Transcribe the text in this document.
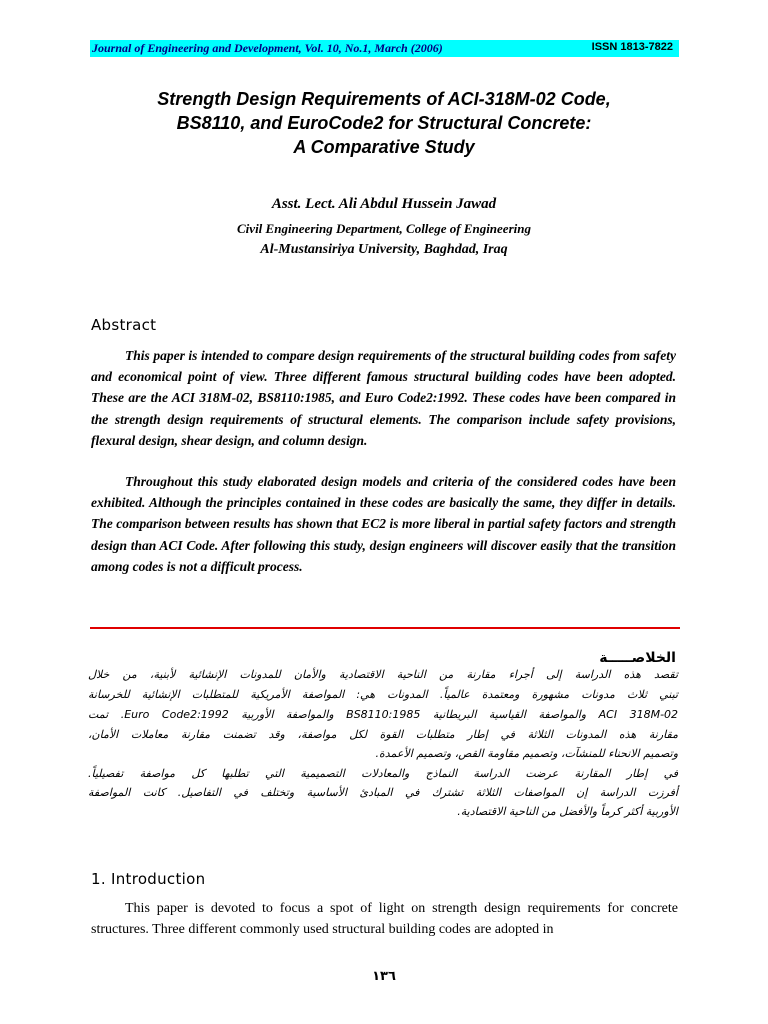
Journal of Engineering and Development, Vol. 10, No.1, March (2006)	ISSN 1813-7822
Strength Design Requirements of ACI-318M-02 Code,
BS8110, and EuroCode2 for Structural Concrete:
A Comparative Study
Asst. Lect. Ali Abdul Hussein Jawad
Civil Engineering Department, College of Engineering
Al-Mustansiriya University, Baghdad, Iraq
Abstract
This paper is intended to compare design requirements of the structural building codes from safety and economical point of view. Three different famous structural building codes have been adopted. These are the ACI 318M-02, BS8110:1985, and Euro Code2:1992. These codes have been compared in the strength design requirements of structural elements. The comparison include safety provisions, flexural design, shear design, and column design.
Throughout this study elaborated design models and criteria of the considered codes have been exhibited. Although the principles contained in these codes are basically the same, they differ in details. The comparison between results has shown that EC2 is more liberal in partial safety factors and strength design than ACI Code. After following this study, design engineers will discover easily that the transition among codes is not a difficult process.
الخلاصـــــة
تقصد هذه الدراسة إلى أجراء مقارنة من الناحية الاقتصادية والأمان للمدونات الإنشائية لأبنية، من خلال
تبني ثلاث مدونات مشهورة ومعتمدة عالمياً. المدونات هي: المواصفة الأمريكية للمتطلبات الإنشائية للخرسانة
ACI 318M-02 والمواصفة القياسية البريطانية BS8110:1985 والمواصفة الأوربية Euro Code2:1992. تمت
مقارنة هذه المدونات الثلاثة في إطار متطلبات القوة لكل مواصفة، وقد تضمنت مقارنة معاملات الأمان،
وتصميم الانحناء للمنشآت، وتصميم مقاومة القص، وتصميم الأعمدة.
في إطار المقارنة عرضت الدراسة النماذج والمعادلات التصميمية التي تطلبها كل مواصفة تفصيلياً.
أفرزت الدراسة إن المواصفات الثلاثة تشترك في المبادئ الأساسية وتختلف في التفاصيل. كانت المواصفة
الأوربية أكثر كرماً والأفضل من الناحية الاقتصادية.
1. Introduction
This paper is devoted to focus a spot of light on strength design requirements for concrete structures. Three different commonly used structural building codes are adopted in
١٣٦
